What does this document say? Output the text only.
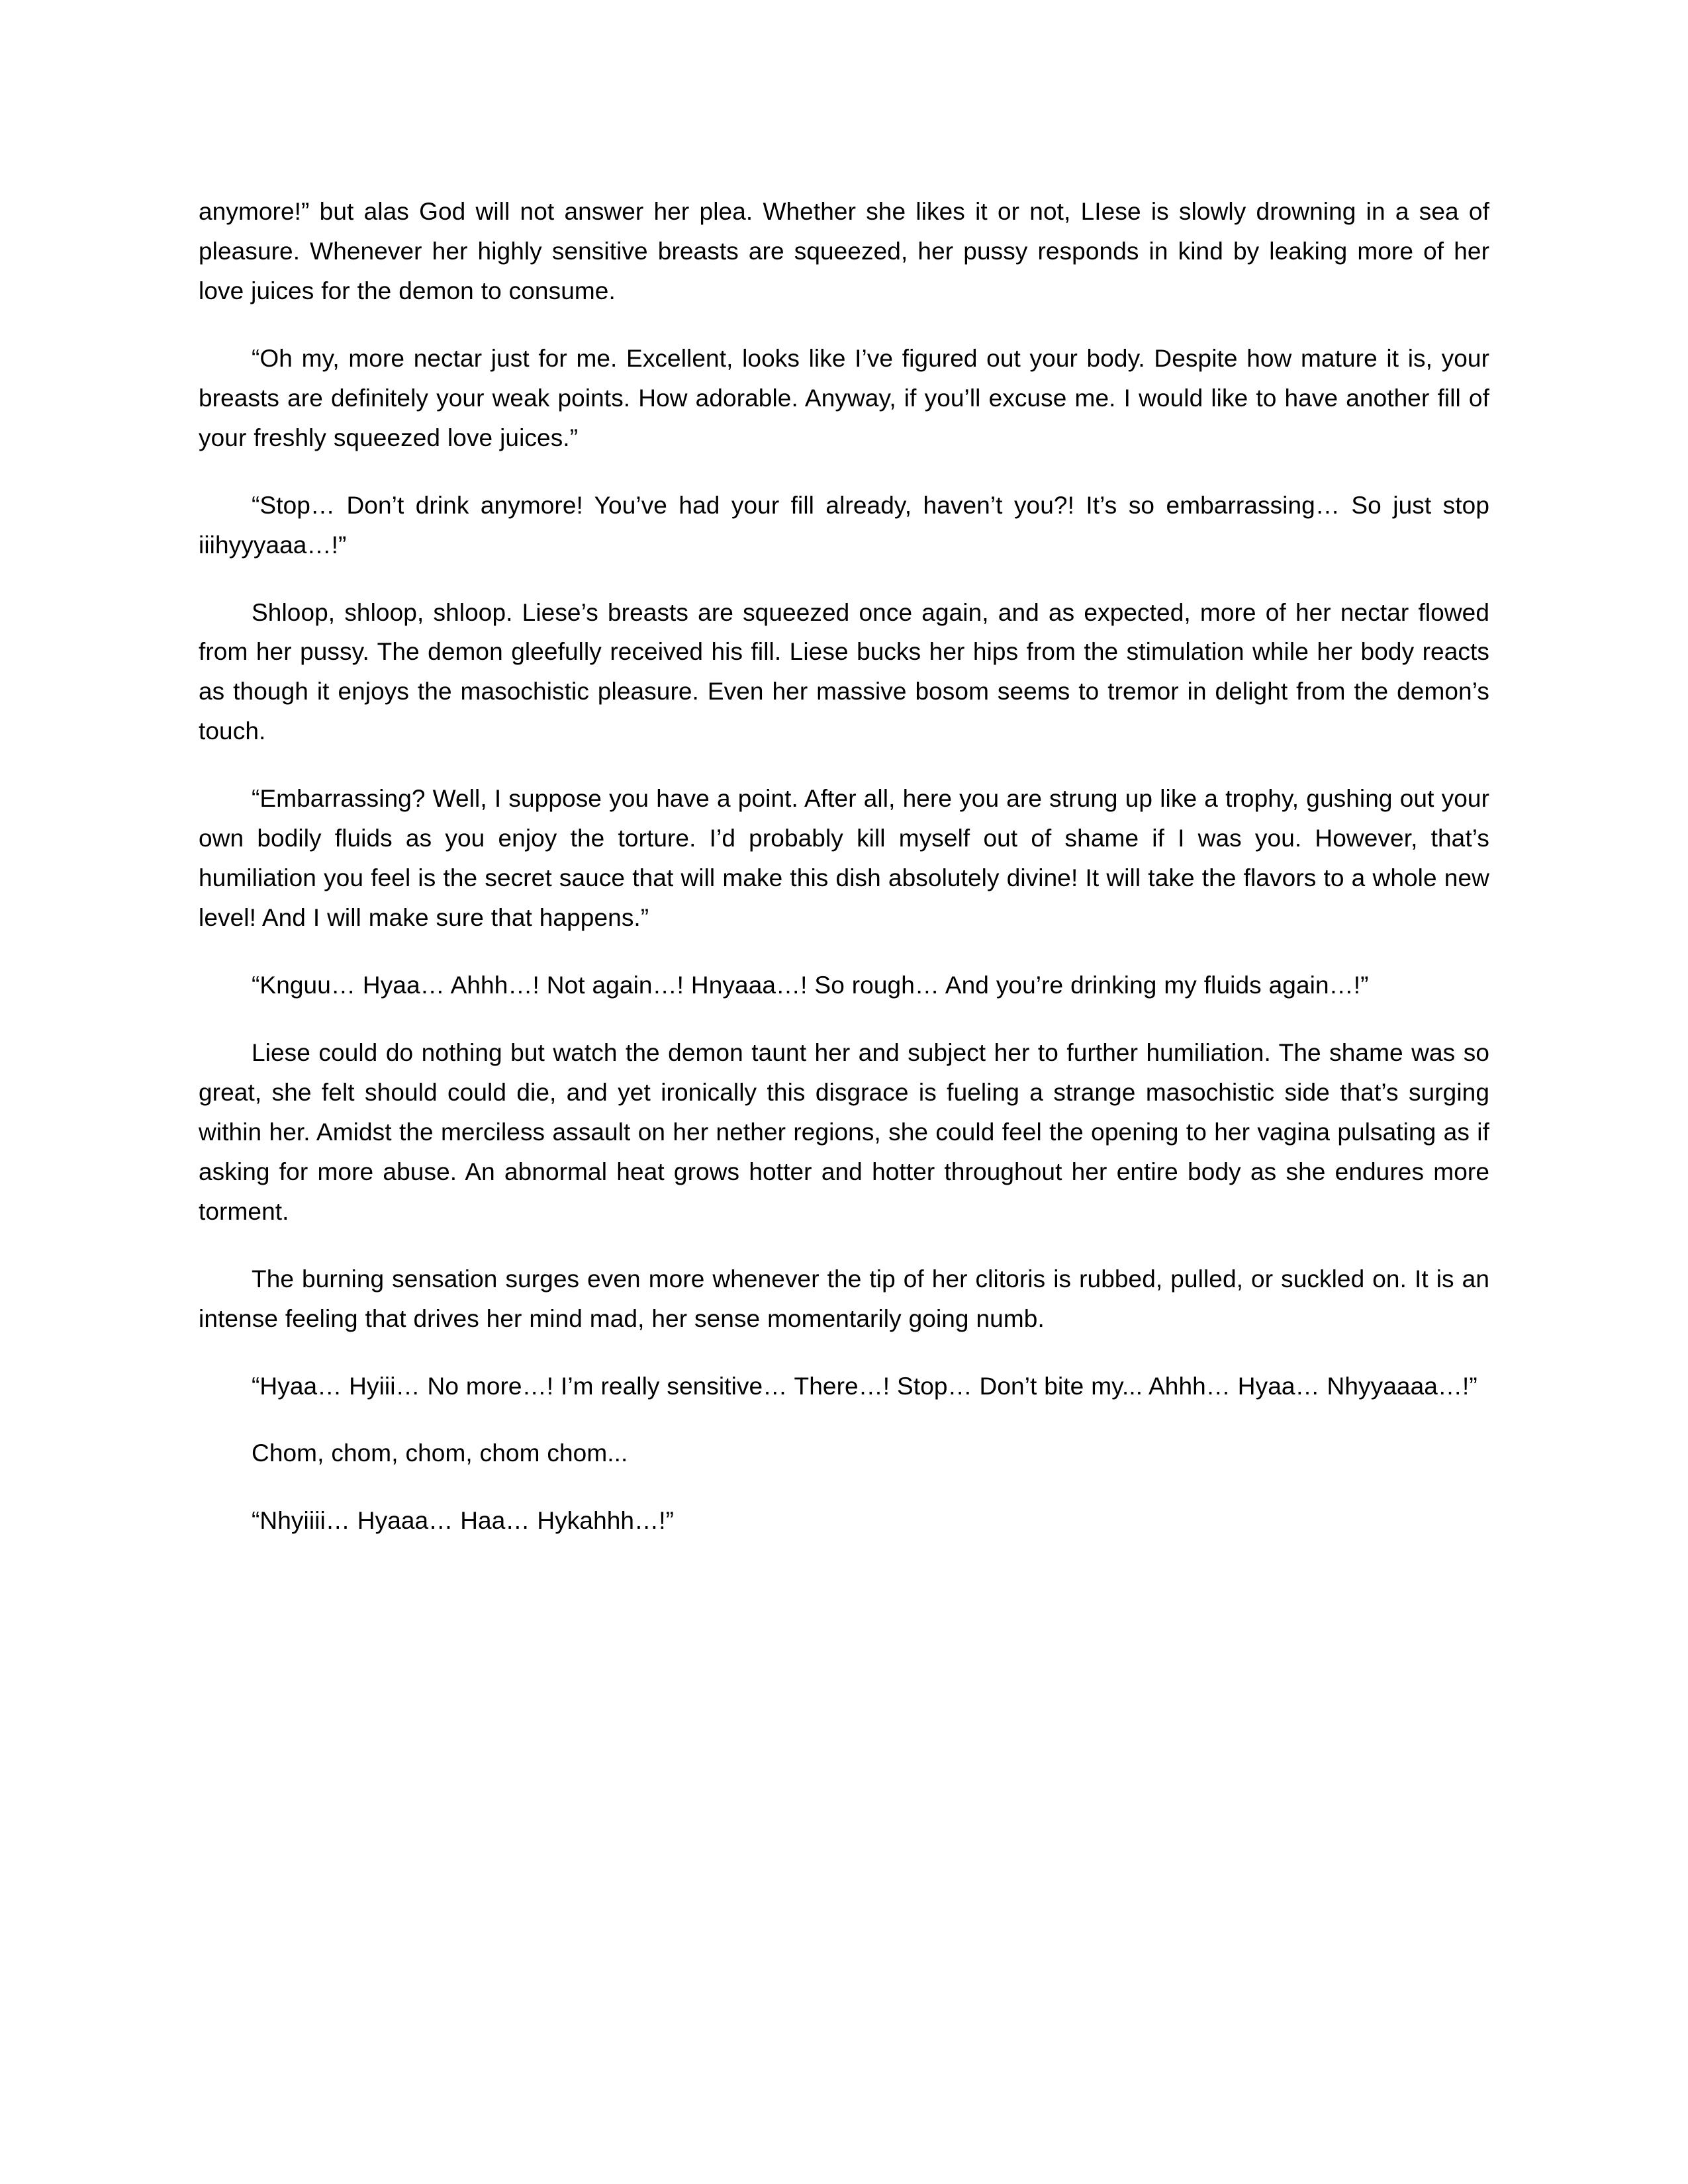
anymore!” but alas God will not answer her plea. Whether she likes it or not, LIese is slowly drowning in a sea of pleasure. Whenever her highly sensitive breasts are squeezed, her pussy responds in kind by leaking more of her love juices for the demon to consume.

“Oh my, more nectar just for me. Excellent, looks like I’ve figured out your body. Despite how mature it is, your breasts are definitely your weak points. How adorable. Anyway, if you’ll excuse me. I would like to have another fill of your freshly squeezed love juices.”

“Stop… Don’t drink anymore! You’ve had your fill already, haven’t you?! It’s so embarrassing… So just stop iiihyyyaaa…!”

Shloop, shloop, shloop. Liese’s breasts are squeezed once again, and as expected, more of her nectar flowed from her pussy. The demon gleefully received his fill. Liese bucks her hips from the stimulation while her body reacts as though it enjoys the masochistic pleasure. Even her massive bosom seems to tremor in delight from the demon’s touch.

“Embarrassing? Well, I suppose you have a point. After all, here you are strung up like a trophy, gushing out your own bodily fluids as you enjoy the torture. I’d probably kill myself out of shame if I was you. However, that’s humiliation you feel is the secret sauce that will make this dish absolutely divine! It will take the flavors to a whole new level! And I will make sure that happens.”

“Knguu… Hyaa… Ahhh…! Not again…! Hnyaaa…! So rough… And you’re drinking my fluids again…!”

Liese could do nothing but watch the demon taunt her and subject her to further humiliation. The shame was so great, she felt should could die, and yet ironically this disgrace is fueling a strange masochistic side that’s surging within her. Amidst the merciless assault on her nether regions, she could feel the opening to her vagina pulsating as if asking for more abuse. An abnormal heat grows hotter and hotter throughout her entire body as she endures more torment.

The burning sensation surges even more whenever the tip of her clitoris is rubbed, pulled, or suckled on. It is an intense feeling that drives her mind mad, her sense momentarily going numb.

“Hyaa… Hyiii… No more…! I’m really sensitive… There…! Stop… Don’t bite my... Ahhh… Hyaa… Nhyyaaaa…!”

Chom, chom, chom, chom chom...

“Nhyiiii… Hyaaa… Haa… Hykahhh…!”
